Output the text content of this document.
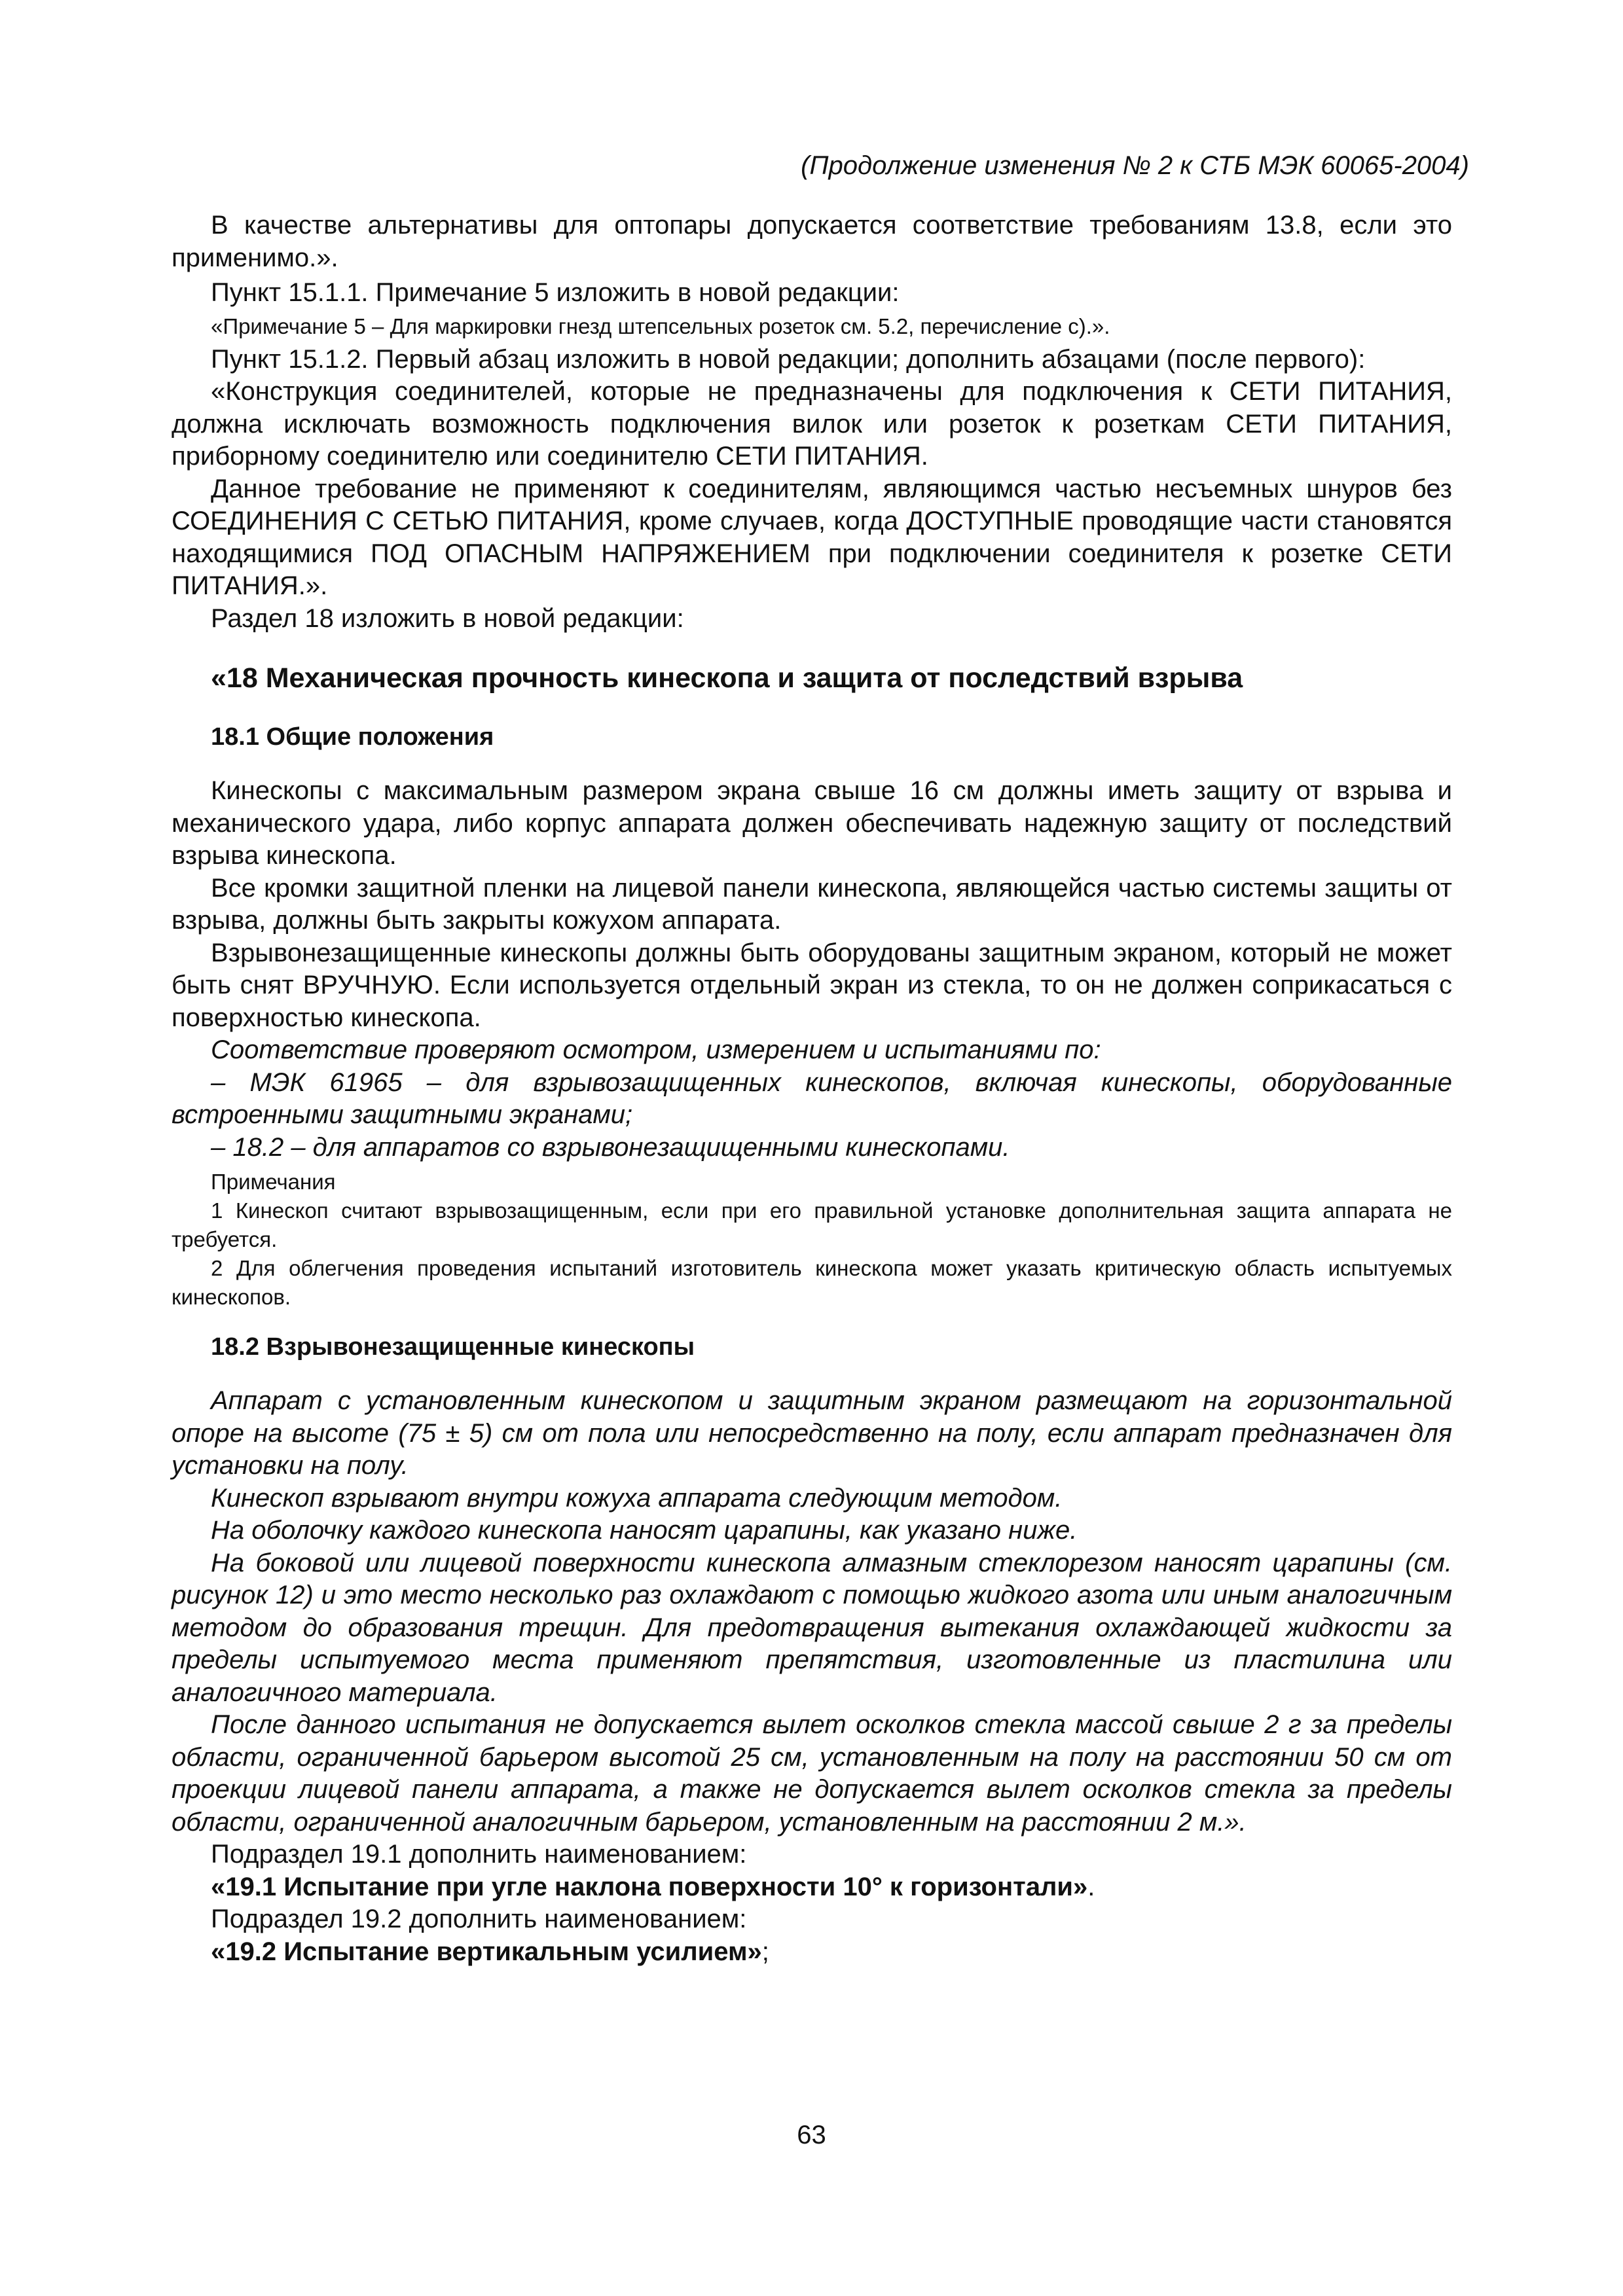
(Продолжение изменения № 2 к СТБ МЭК 60065-2004)

В качестве альтернативы для оптопары допускается соответствие требованиям 13.8, если это применимо.».

Пункт 15.1.1. Примечание 5 изложить в новой редакции:

«Примечание 5 – Для маркировки гнезд штепсельных розеток см. 5.2, перечисление с).».

Пункт 15.1.2. Первый абзац изложить в новой редакции; дополнить абзацами (после первого):

«Конструкция соединителей, которые не предназначены для подключения к СЕТИ ПИТАНИЯ, должна исключать возможность подключения вилок или розеток к розеткам СЕТИ ПИТАНИЯ, приборному соединителю или соединителю СЕТИ ПИТАНИЯ.

Данное требование не применяют к соединителям, являющимся частью несъемных шнуров без СОЕДИНЕНИЯ С СЕТЬЮ ПИТАНИЯ, кроме случаев, когда ДОСТУПНЫЕ проводящие части становятся находящимися ПОД ОПАСНЫМ НАПРЯЖЕНИЕМ при подключении соединителя к розетке СЕТИ ПИТАНИЯ.».

Раздел 18 изложить в новой редакции:

«18 Механическая прочность кинескопа и защита от последствий взрыва
18.1 Общие положения

Кинескопы с максимальным размером экрана свыше 16 см должны иметь защиту от взрыва и механического удара, либо корпус аппарата должен обеспечивать надежную защиту от последствий взрыва кинескопа.

Все кромки защитной пленки на лицевой панели кинескопа, являющейся частью системы защиты от взрыва, должны быть закрыты кожухом аппарата.

Взрывонезащищенные кинескопы должны быть оборудованы защитным экраном, который не может быть снят ВРУЧНУЮ. Если используется отдельный экран из стекла, то он не должен соприкасаться с поверхностью кинескопа.

Соответствие проверяют осмотром, измерением и испытаниями по:

– МЭК 61965 – для взрывозащищенных кинескопов, включая кинескопы, оборудованные встроенными защитными экранами;

– 18.2 – для аппаратов со взрывонезащищенными кинескопами.

Примечания

1 Кинескоп считают взрывозащищенным, если при его правильной установке дополнительная защита аппарата не требуется.

2 Для облегчения проведения испытаний изготовитель кинескопа может указать критическую область испытуемых кинескопов.

18.2 Взрывонезащищенные кинескопы

Аппарат с установленным кинескопом и защитным экраном размещают на горизонтальной опоре на высоте (75 ± 5) см от пола или непосредственно на полу, если аппарат предназначен для установки на полу.

Кинескоп взрывают внутри кожуха аппарата следующим методом.

На оболочку каждого кинескопа наносят царапины, как указано ниже.

На боковой или лицевой поверхности кинескопа алмазным стеклорезом наносят царапины (см. рисунок 12) и это место несколько раз охлаждают с помощью жидкого азота или иным аналогичным методом до образования трещин. Для предотвращения вытекания охлаждающей жидкости за пределы испытуемого места применяют препятствия, изготовленные из пластилина или аналогичного материала.

После данного испытания не допускается вылет осколков стекла массой свыше 2 г за пределы области, ограниченной барьером высотой 25 см, установленным на полу на расстоянии 50 см от проекции лицевой панели аппарата, а также не допускается вылет осколков стекла за пределы области, ограниченной аналогичным барьером, установленным на расстоянии 2 м.».

Подраздел 19.1 дополнить наименованием:

«19.1 Испытание при угле наклона поверхности 10° к горизонтали».

Подраздел 19.2 дополнить наименованием:

«19.2 Испытание вертикальным усилием»;

63
